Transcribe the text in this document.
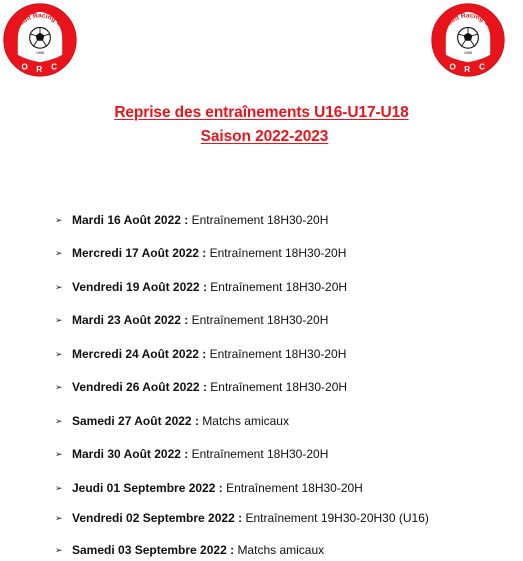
Orvault Racing Club
1996
O R C
Orvault Racing Club
1996
O R C
Reprise des entraînements U16-U17-U18
Saison 2022-2023
➢ Mardi 16 Août 2022 :
Entraînement 18H30-20H
➢ Mercredi 17 Août 2022 :
Entraînement 18H30-20H
➢ Vendredi 19 Août 2022 :
Entraînement 18H30-20H
➢ Mardi 23 Août 2022 :
Entraînement 18H30-20H
➢ Mercredi 24 Août 2022 :
Entraînement 18H30-20H
➢ Vendredi 26 Août 2022 :
Entraînement 18H30-20H
➢ Samedi 27 Août 2022 :
Matchs amicaux
➢ Mardi 30 Août 2022 :
Entraînement 18H30-20H
➢ Jeudi 01 Septembre 2022 :
Entraînement 18H30-20H
➢ Vendredi 02 Septembre 2022 :
Entraînement 19H30-20H30 (U16)
➢ Samedi 03 Septembre 2022 :
Matchs amicaux
